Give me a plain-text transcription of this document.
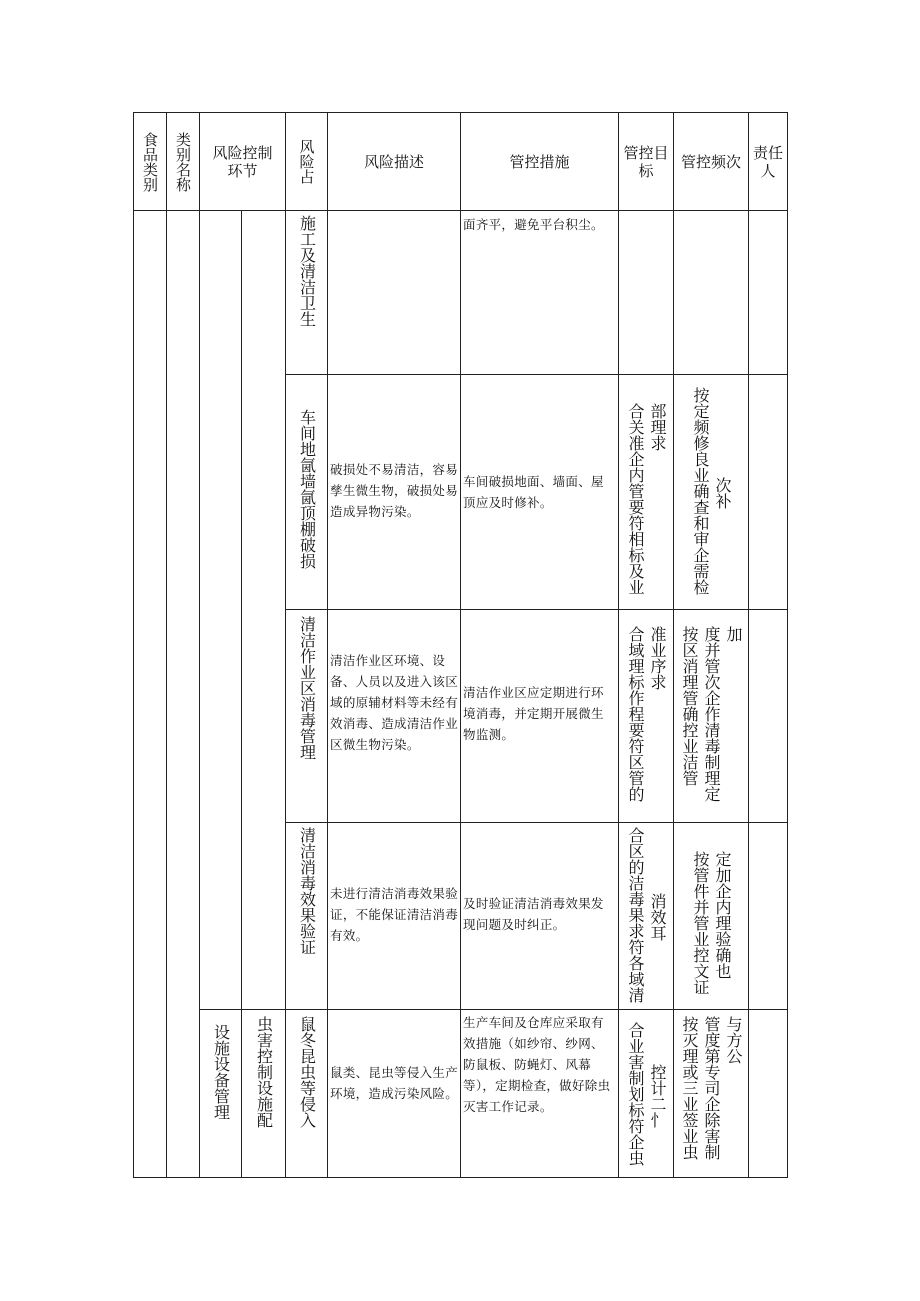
食品类别	类别名称	风险控制环节		风险占	风险描述	管控措施	管控目标	管控频次	责任人

				施工及清洁卫生		面齐平，避免平台积尘。			

				车间地氤墙氤顶棚破损	破损处不易清洁，容易孳生微生物，破损处易造成异物污染。	车间破损地面、墙面、屋顶应及时修补。	合关准企内管要符相标及业 部理求	按定频修良业确查和审企需检 次补	

				清洁作业区消毒管理	清洁作业区环境、设备、人员以及进入该区域的原辅材料等未经有效消毒、造成清洁作业区微生物污染。	清洁作业区应定期进行环境消毒，并定期开展微生物监测。	合域理标作程要符区管的 准业序求	按区消理管确控业洁管 度并管次企作清毒制理定 加	

				清洁消毒效果验证	未进行清洁消毒效果验证，不能保证清洁消毒有效。	及时验证清洁消毒效果发现问题及时纠正。	合区的洁毒果求符各域清 消效耳	按管件并管业控文证 定加企内理验确也	

		设施设备管理	虫害控制设施配	鼠冬昆虫等侵入	鼠类、昆虫等侵入生产环境，造成污染风险。	生产车间及仓库应采取有效措施（如纱帘、纱网、防鼠板、防蝇灯、风幕等），定期检查，做好除虫灭害工作记录。	合业害制划标符企虫 控计二忄	按灭理或三业签业虫 管度第专司企除害制 与方公	
